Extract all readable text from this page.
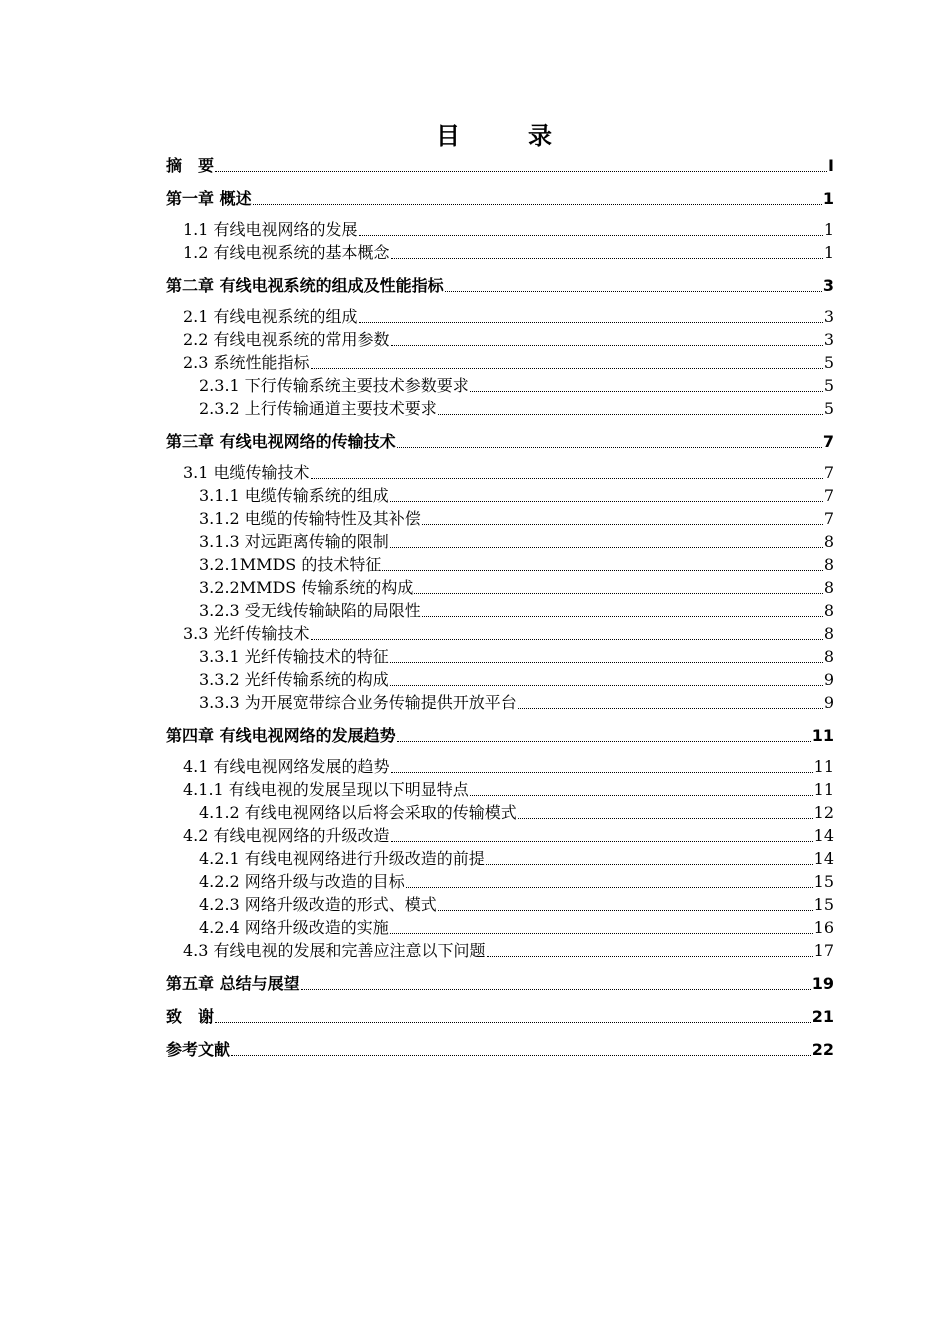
目　录
摘　要	I
第一章 概述	1
1.1 有线电视网络的发展	1
1.2 有线电视系统的基本概念	1
第二章 有线电视系统的组成及性能指标	3
2.1 有线电视系统的组成	3
2.2 有线电视系统的常用参数	3
2.3 系统性能指标	5
2.3.1 下行传输系统主要技术参数要求	5
2.3.2 上行传输通道主要技术要求	5
第三章 有线电视网络的传输技术	7
3.1 电缆传输技术	7
3.1.1 电缆传输系统的组成	7
3.1.2 电缆的传输特性及其补偿	7
3.1.3 对远距离传输的限制	8
3.2.1MMDS 的技术特征	8
3.2.2MMDS 传输系统的构成	8
3.2.3 受无线传输缺陷的局限性	8
3.3 光纤传输技术	8
3.3.1 光纤传输技术的特征	8
3.3.2 光纤传输系统的构成	9
3.3.3 为开展宽带综合业务传输提供开放平台	9
第四章 有线电视网络的发展趋势	11
4.1 有线电视网络发展的趋势	11
4.1.1 有线电视的发展呈现以下明显特点	11
4.1.2 有线电视网络以后将会采取的传输模式	12
4.2 有线电视网络的升级改造	14
4.2.1 有线电视网络进行升级改造的前提	14
4.2.2 网络升级与改造的目标	15
4.2.3 网络升级改造的形式、模式	15
4.2.4 网络升级改造的实施	16
4.3 有线电视的发展和完善应注意以下问题	17
第五章 总结与展望	19
致　谢	21
参考文献	22
